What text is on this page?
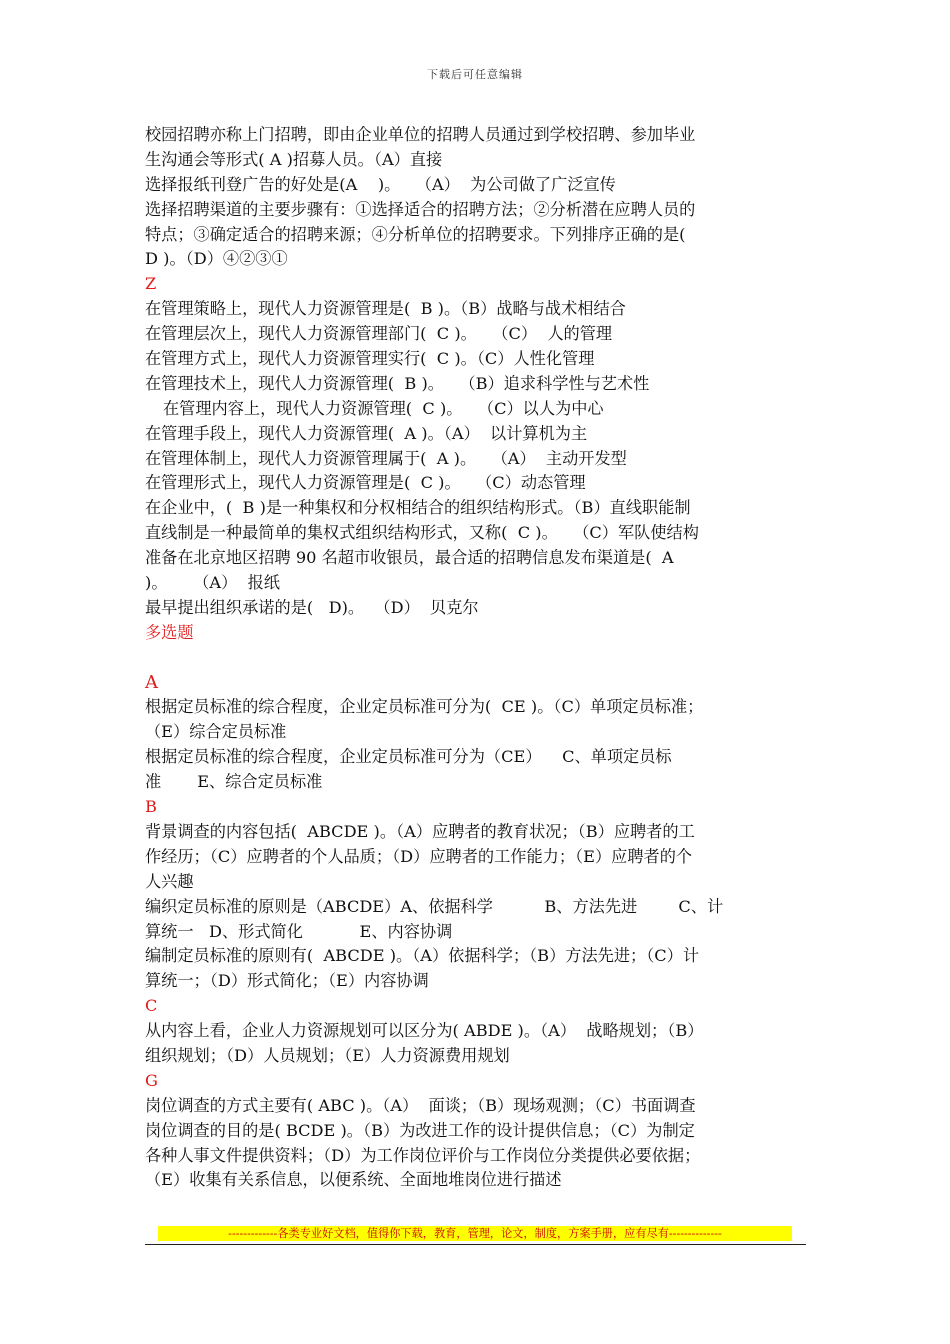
下载后可任意编辑
校园招聘亦称上门招聘，即由企业单位的招聘人员通过到学校招聘、参加毕业
生沟通会等形式( A )招募人员。（A）直接
选择报纸刊登广告的好处是(A    )。   （A）  为公司做了广泛宣传
选择招聘渠道的主要步骤有：①选择适合的招聘方法；②分析潜在应聘人员的
特点；③确定适合的招聘来源；④分析单位的招聘要求。下列排序正确的是(
D )。（D）④②③①
Z
在管理策略上，现代人力资源管理是(  B )。（B）战略与战术相结合
在管理层次上，现代人力资源管理部门(  C )。   （C）  人的管理
在管理方式上，现代人力资源管理实行(  C )。（C）人性化管理
在管理技术上，现代人力资源管理(  B )。   （B）追求科学性与艺术性
在管理内容上，现代人力资源管理(  C )。   （C）以人为中心
在管理手段上，现代人力资源管理(  A )。（A）  以计算机为主
在管理体制上，现代人力资源管理属于(  A )。   （A）  主动开发型
在管理形式上，现代人力资源管理是(  C )。   （C）动态管理
在企业中，(  B )是一种集权和分权相结合的组织结构形式。（B）直线职能制
直线制是一种最简单的集权式组织结构形式，又称(  C )。   （C）军队使结构
准备在北京地区招聘 90 名超市收银员，最合适的招聘信息发布渠道是(  A
)。     （A）  报纸
最早提出组织承诺的是(   D)。  （D）  贝克尔
多选题
A
根据定员标准的综合程度，企业定员标准可分为(  CE )。（C）单项定员标准；
（E）综合定员标准
根据定员标准的综合程度，企业定员标准可分为（CE）    C、单项定员标
准       E、综合定员标准
B
背景调查的内容包括(  ABCDE )。（A）应聘者的教育状况；（B）应聘者的工
作经历；（C）应聘者的个人品质；（D）应聘者的工作能力；（E）应聘者的个
人兴趣
编织定员标准的原则是（ABCDE）A、依据科学          B、方法先进        C、计
算统一   D、形式简化           E、内容协调
编制定员标准的原则有(  ABCDE )。（A）依据科学；（B）方法先进；（C）计
算统一；（D）形式简化；（E）内容协调
C
从内容上看，企业人力资源规划可以区分为( ABDE )。（A）  战略规划；（B）
组织规划；（D）人员规划；（E）人力资源费用规划
G
岗位调查的方式主要有( ABC )。（A）  面谈；（B）现场观测；（C）书面调查
岗位调查的目的是( BCDE )。（B）为改进工作的设计提供信息；（C）为制定
各种人事文件提供资料；（D）为工作岗位评价与工作岗位分类提供必要依据；
（E）收集有关系信息，以便系统、全面地堆岗位进行描述
-------------各类专业好文档，值得你下载，教育，管理，论文，制度，方案手册，应有尽有--------------
